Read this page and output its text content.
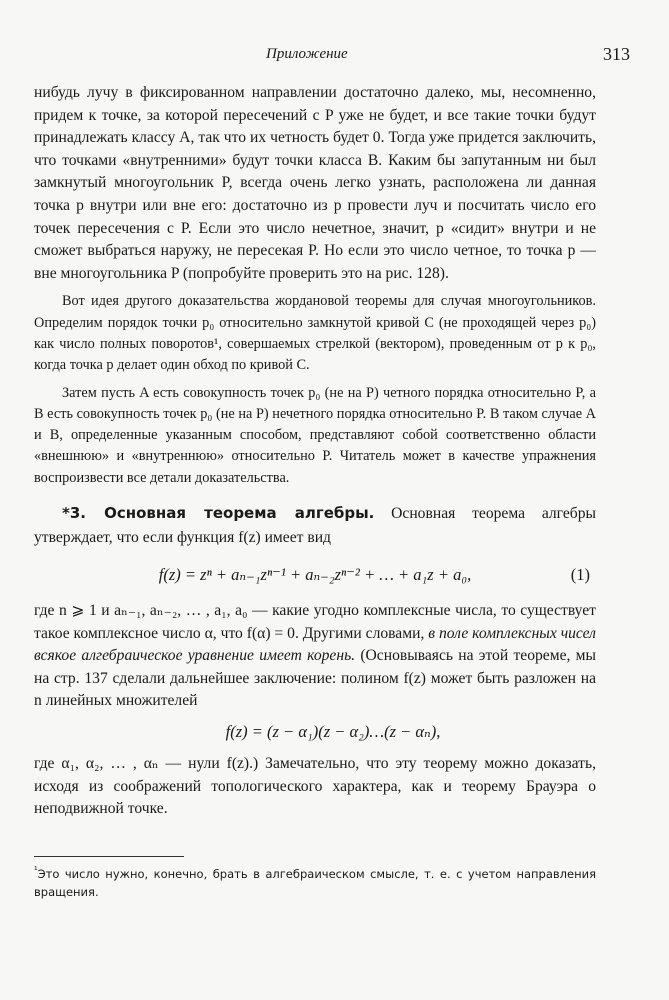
Приложение	313

нибудь лучу в фиксированном направлении достаточно далеко, мы, несомненно, придем к точке, за которой пересечений с P уже не будет, и все такие точки будут принадлежать классу A, так что их четность будет 0. Тогда уже придется заключить, что точками «внутренними» будут точки класса B. Каким бы запутанным ни был замкнутый многоугольник P, всегда очень легко узнать, расположена ли данная точка p внутри или вне его: достаточно из p провести луч и посчитать число его точек пересечения с P. Если это число нечетное, значит, p «сидит» внутри и не сможет выбраться наружу, не пересекая P. Но если это число четное, то точка p — вне многоугольника P (попробуйте проверить это на рис. 128).

Вот идея другого доказательства жордановой теоремы для случая многоугольников. Определим порядок точки p₀ относительно замкнутой кривой C (не проходящей через p₀) как число полных поворотов¹, совершаемых стрелкой (вектором), проведенным от p к p₀, когда точка p делает один обход по кривой C.

Затем пусть A есть совокупность точек p₀ (не на P) четного порядка относительно P, а B есть совокупность точек p₀ (не на P) нечетного порядка относительно P. В таком случае A и B, определенные указанным способом, представляют собой соответственно области «внешнюю» и «внутреннюю» относительно P. Читатель может в качестве упражнения воспроизвести все детали доказательства.

*3. Основная теорема алгебры. Основная теорема алгебры утверждает, что если функция f(z) имеет вид

f(z) = zⁿ + aₙ₋₁zⁿ⁻¹ + aₙ₋₂zⁿ⁻² + … + a₁z + a₀,	(1)

где n ⩾ 1 и aₙ₋₁, aₙ₋₂, … , a₁, a₀ — какие угодно комплексные числа, то существует такое комплексное число α, что f(α) = 0. Другими словами, в поле комплексных чисел всякое алгебраическое уравнение имеет корень. (Основываясь на этой теореме, мы на стр. 137 сделали дальнейшее заключение: полином f(z) может быть разложен на n линейных множителей

f(z) = (z − α₁)(z − α₂)…(z − αₙ),

где α₁, α₂, … , αₙ — нули f(z).) Замечательно, что эту теорему можно доказать, исходя из соображений топологического характера, как и теорему Брауэра о неподвижной точке.

$^{^1}$Это число нужно, конечно, брать в алгебраическом смысле, т. е. с учетом направления вращения.
